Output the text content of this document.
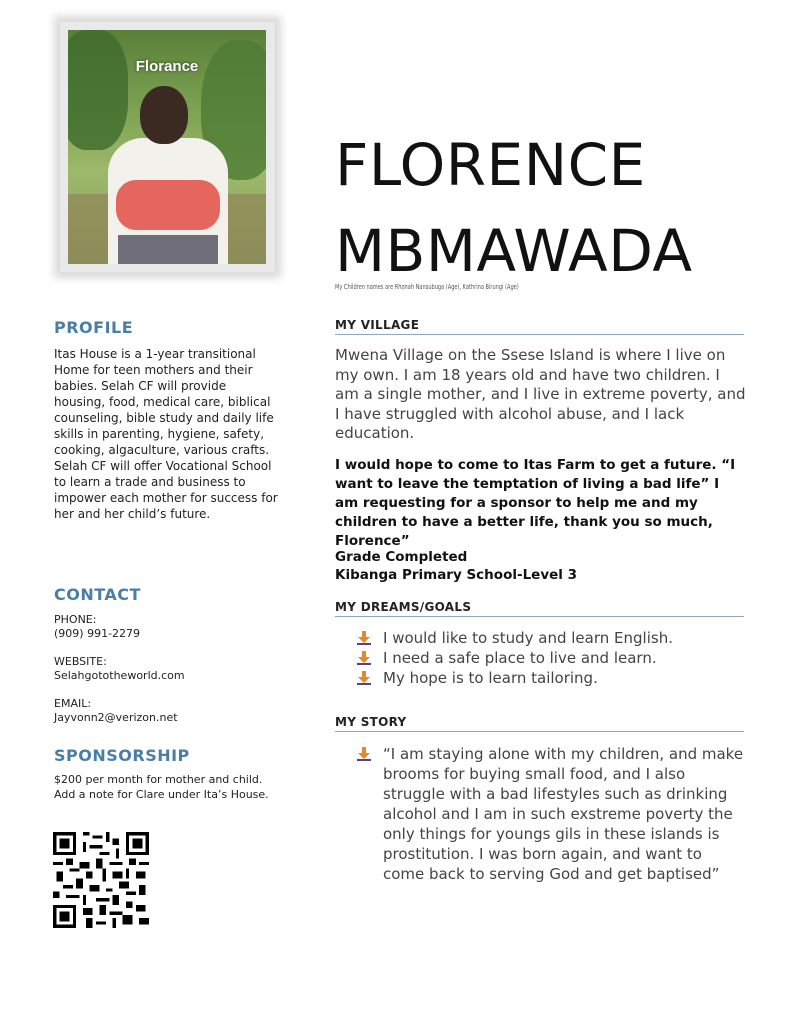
Florance
FLORENCE
MBMAWADA
My Children names are Rhonah Nansubuga (Age), Kathrina Birungi (Age)
PROFILE
Itas House is a 1-year transitional Home for teen mothers and their babies. Selah CF will provide housing, food, medical care, biblical counseling, bible study and daily life skills in parenting, hygiene, safety, cooking, algaculture, various crafts. Selah CF will offer Vocational School to learn a trade and business to impower each mother for success for her and her child’s future.
CONTACT
PHONE:
(909) 991-2279
WEBSITE:
Selahgototheworld.com
EMAIL:
Jayvonn2@verizon.net
SPONSORSHIP
$200 per month for mother and child. Add a note for Clare under Ita’s House.
MY VILLAGE
Mwena Village on the Ssese Island is where I live on my own. I am 18 years old and have two children. I am a single mother, and I live in extreme poverty, and I have struggled with alcohol abuse, and I lack education.
I would hope to come to Itas Farm to get a future. “I want to leave the temptation of living a bad life” I am requesting for a sponsor to help me and my children to have a better life, thank you so much, Florence”
Grade Completed
Kibanga Primary School-Level 3
MY DREAMS/GOALS
I would like to study and learn English.
I need a safe place to live and learn.
My hope is to learn tailoring.
MY STORY
“I am staying alone with my children, and make brooms for buying small food, and I also struggle with a bad lifestyles such as drinking alcohol and I am in such exstreme poverty the only things for youngs gils in these islands is prostitution. I was born again, and want to come back to serving God and get baptised”
